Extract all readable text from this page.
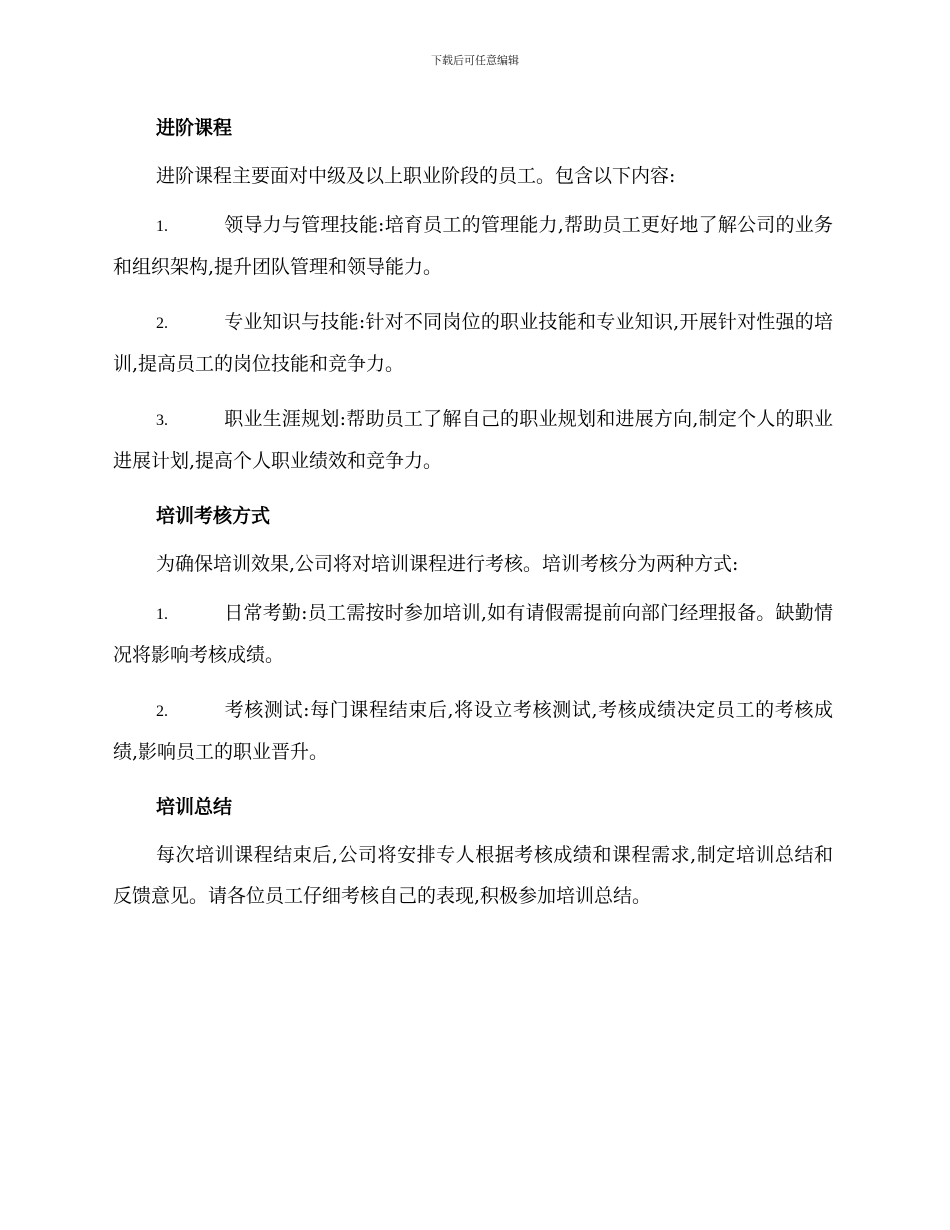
下载后可任意编辑
进阶课程

进阶课程主要面对中级及以上职业阶段的员工。包含以下内容:

1.	领导力与管理技能:培育员工的管理能力,帮助员工更好地了解公司的业务和组织架构,提升团队管理和领导能力。

2.	专业知识与技能:针对不同岗位的职业技能和专业知识,开展针对性强的培训,提高员工的岗位技能和竞争力。

3.	职业生涯规划:帮助员工了解自己的职业规划和进展方向,制定个人的职业进展计划,提高个人职业绩效和竞争力。

培训考核方式

为确保培训效果,公司将对培训课程进行考核。培训考核分为两种方式:

1.	日常考勤:员工需按时参加培训,如有请假需提前向部门经理报备。缺勤情况将影响考核成绩。

2.	考核测试:每门课程结束后,将设立考核测试,考核成绩决定员工的考核成绩,影响员工的职业晋升。

培训总结

每次培训课程结束后,公司将安排专人根据考核成绩和课程需求,制定培训总结和反馈意见。请各位员工仔细考核自己的表现,积极参加培训总结。
